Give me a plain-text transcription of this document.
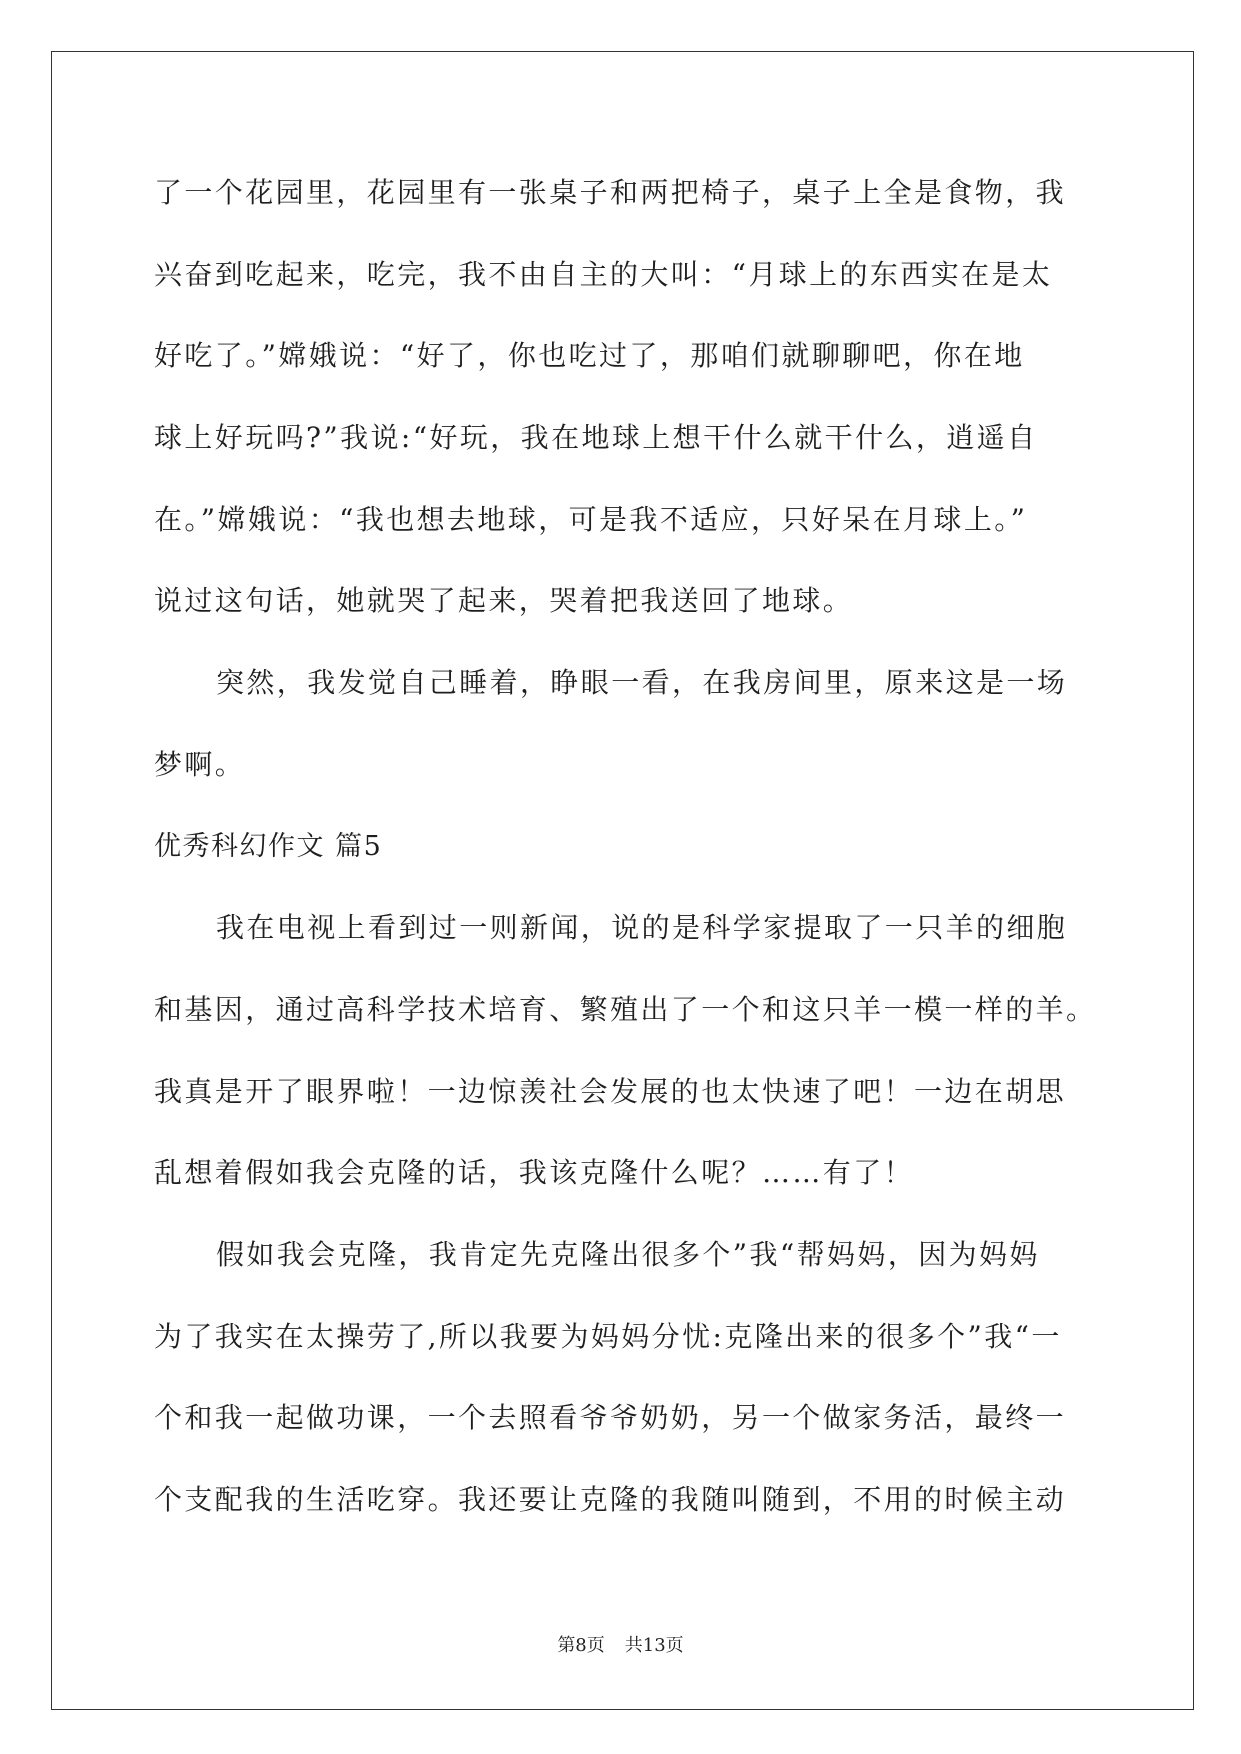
了一个花园里，花园里有一张桌子和两把椅子，桌子上全是食物，我
兴奋到吃起来，吃完，我不由自主的大叫：“月球上的东西实在是太
好吃了。”嫦娥说：“好了，你也吃过了，那咱们就聊聊吧，你在地
球上好玩吗?”我说:“好玩，我在地球上想干什么就干什么，逍遥自
在。”嫦娥说：“我也想去地球，可是我不适应，只好呆在月球上。”
说过这句话，她就哭了起来，哭着把我送回了地球。
突然，我发觉自己睡着，睁眼一看，在我房间里，原来这是一场
梦啊。
优秀科幻作文 篇5
我在电视上看到过一则新闻，说的是科学家提取了一只羊的细胞
和基因，通过高科学技术培育、繁殖出了一个和这只羊一模一样的羊。
我真是开了眼界啦！一边惊羡社会发展的也太快速了吧！一边在胡思
乱想着假如我会克隆的话，我该克隆什么呢？……有了！
假如我会克隆，我肯定先克隆出很多个”我“帮妈妈，因为妈妈
为了我实在太操劳了,所以我要为妈妈分忧:克隆出来的很多个”我“一
个和我一起做功课，一个去照看爷爷奶奶，另一个做家务活，最终一
个支配我的生活吃穿。我还要让克隆的我随叫随到，不用的时候主动
第8页 共13页
